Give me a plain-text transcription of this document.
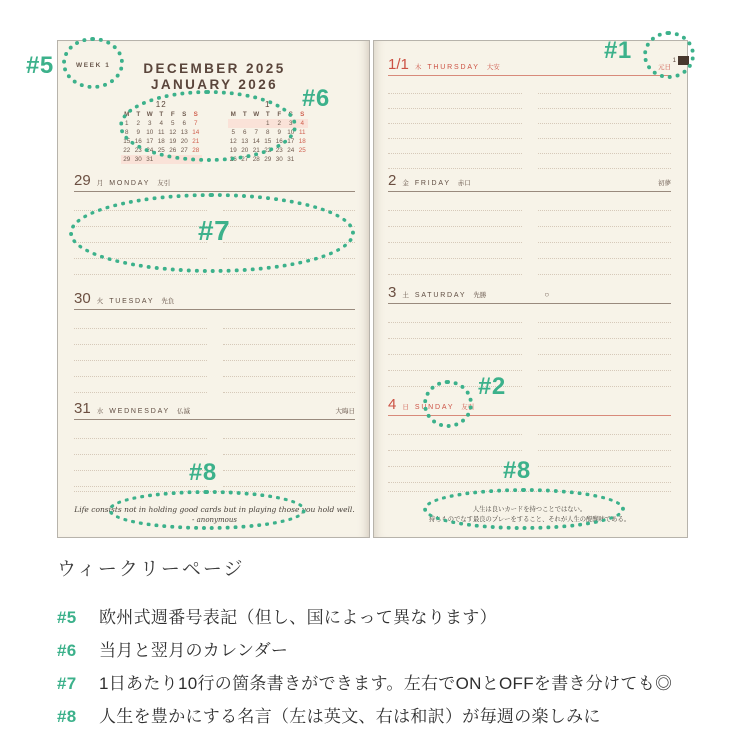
WEEK 1	DECEMBER 2025
JANUARY 2026
12
M	T	W	T	F	S	S
1	2	3	4	5	6	7
8	9	10	11	12	13	14
15	16	17	18	19	20	21
22	23	24	25	26	27	28
29	30	31				
1
M	T	W	T	F	S	S
			1	2	3	4
5	6	7	8	9	10	11
12	13	14	15	16	17	18
19	20	21	22	23	24	25
26	27	28	29	30	31	
29 月 MONDAY 友引
30 火 TUESDAY 先負
31 水 WEDNESDAY 仏滅	大晦日
Life consists not in holding good cards but in playing those you hold well.
- anonymous
1
1/1 木 THURSDAY 大安	元日
2 金 FRIDAY 赤口	初夢
3 土 SATURDAY 先勝	○
4 日 SUNDAY 友引
人生は良いカードを持つことではない。
持ちものでなす最良のプレーをすること、それが人生の醍醐味である。
#5
#6
#7
#8
#1
#2
#8
ウィークリーページ
#5	欧州式週番号表記（但し、国によって異なります）
#6	当月と翌月のカレンダー
#7	1日あたり10行の箇条書きができます。左右でONとOFFを書き分けても◎
#8	人生を豊かにする名言（左は英文、右は和訳）が毎週の楽しみに
